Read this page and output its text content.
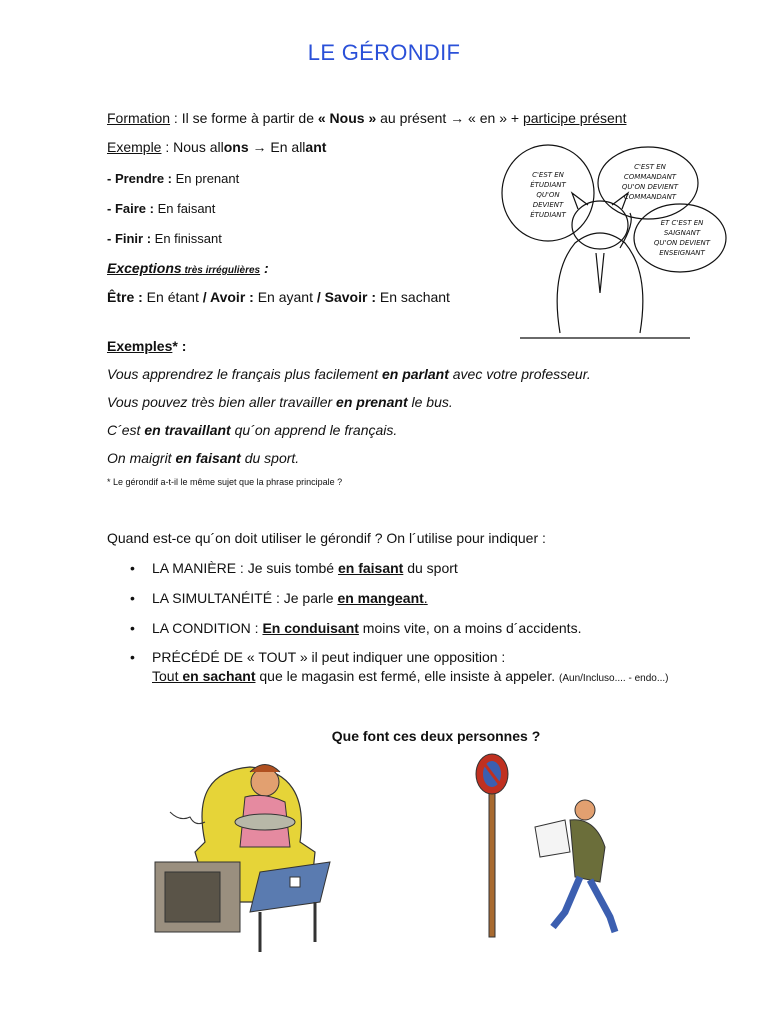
LE GÉRONDIF
Formation : Il se forme à partir de « Nous » au présent → « en » + participe présent
Exemple : Nous allons → En allant
- Prendre : En prenant
- Faire : En faisant
- Finir : En finissant
Exceptions très irrégulières :
Être : En étant / Avoir : En ayant / Savoir : En sachant
Exemples* :
Vous apprendrez le français plus facilement en parlant avec votre professeur.
Vous pouvez très bien aller travailler en prenant le bus.
C´est en travaillant qu´on apprend le français.
On maigrit en faisant du sport.
* Le gérondif a-t-il le même sujet que la phrase principale ?
Quand est-ce qu´on doit utiliser le gérondif ? On l´utilise pour indiquer :
• LA MANIÈRE : Je suis tombé en faisant du sport
• LA SIMULTANÉITÉ : Je parle en mangeant.
• LA CONDITION : En conduisant moins vite, on a moins d´accidents.
• PRÉCÉDÉ DE « TOUT » il peut indiquer une opposition :
Tout en sachant que le magasin est fermé, elle insiste à appeler. (Aun/Incluso.... - endo...)
Que font ces deux personnes ?
C'EST EN
ÉTUDIANT
QU'ON
DEVIENT
ÉTUDIANT
C'EST EN
COMMANDANT
QU'ON DEVIENT
COMMANDANT
ET C'EST EN
SAIGNANT
QU'ON DEVIENT
ENSEIGNANT
